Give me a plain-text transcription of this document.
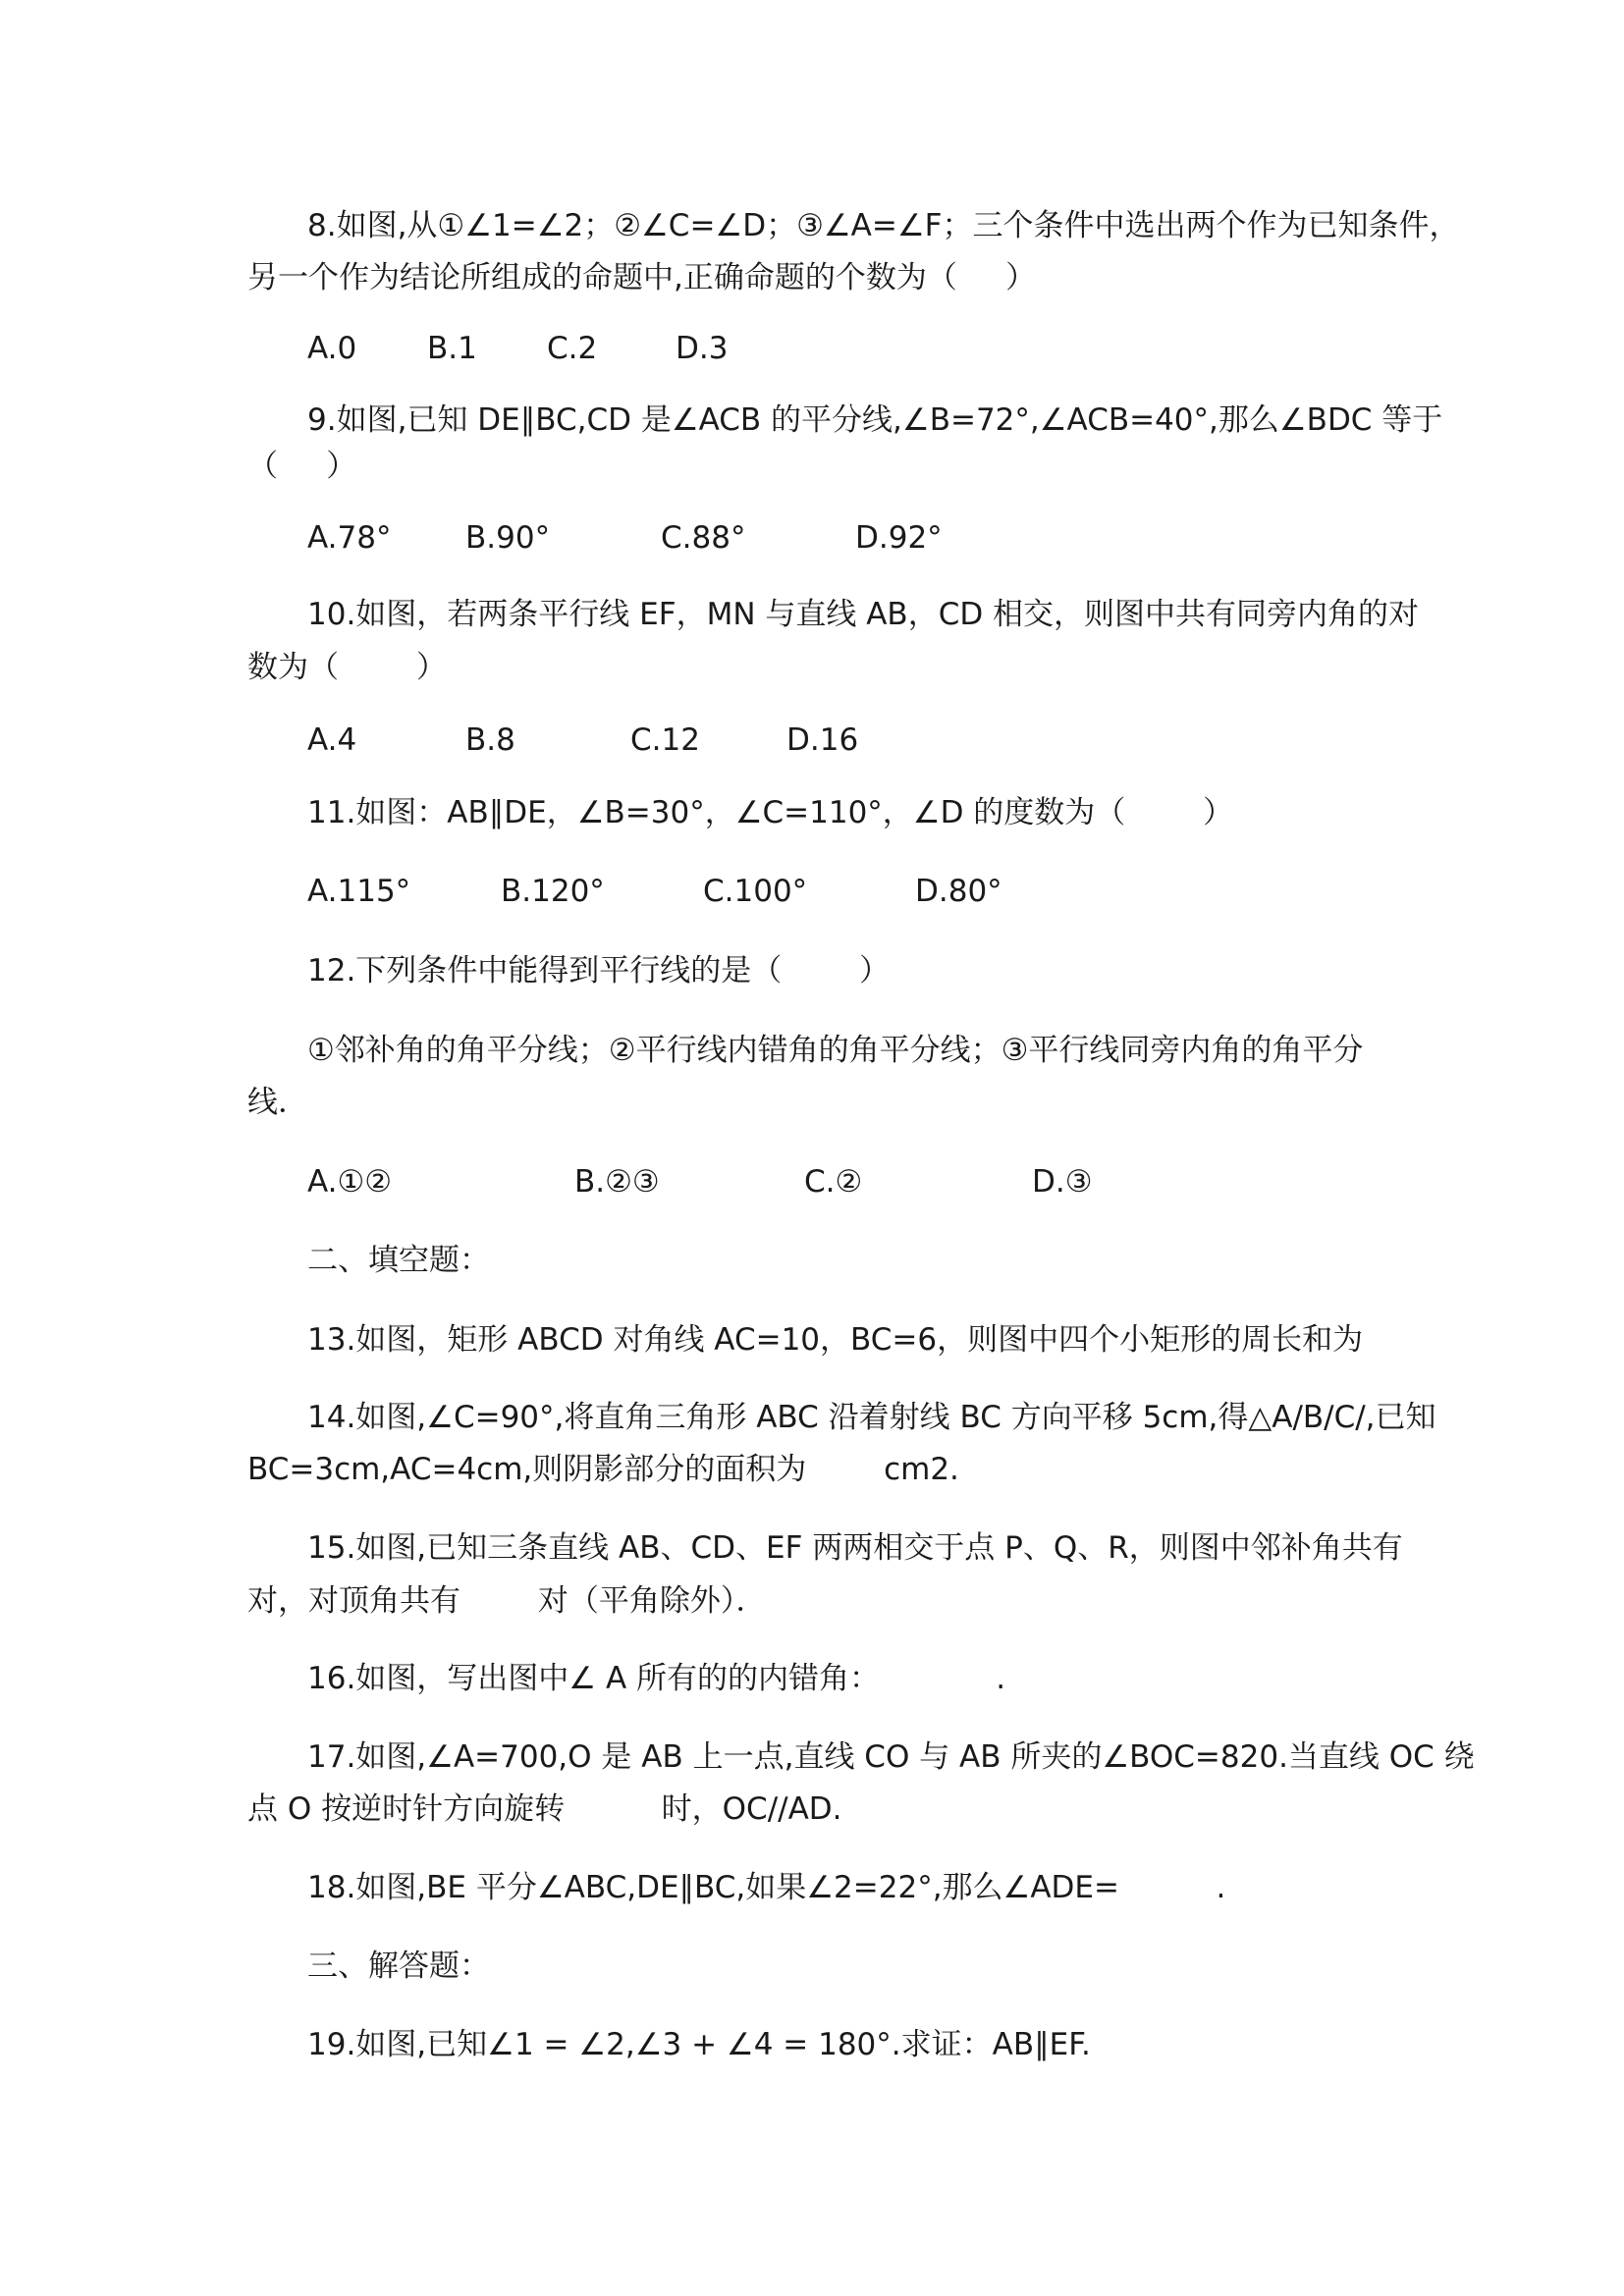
8.如图,从①∠1=∠2；②∠C=∠D；③∠A=∠F；三个条件中选出两个作为已知条件，
另一个作为结论所组成的命题中,正确命题的个数为（     ）
A.0 B.1 C.2	D.3
9.如图,已知 DE∥BC,CD 是∠ACB 的平分线,∠B=72°,∠ACB=40°,那么∠BDC 等于
（     ）
A.78° B.90°	C.88°	D.92°
10.如图，若两条平行线 EF，MN 与直线 AB，CD 相交，则图中共有同旁内角的对
数为（        ）
A.4	B.8	C.12	D.16
11.如图：AB∥DE，∠B=30°，∠C=110°，∠D 的度数为（        ）
A.115°	B.120°	C.100°	D.80°
12.下列条件中能得到平行线的是（        ）
①邻补角的角平分线；②平行线内错角的角平分线；③平行线同旁内角的角平分
线．
A.①②	B.②③	C.②	D.③
二、填空题：
13.如图，矩形 ABCD 对角线 AC=10，BC=6，则图中四个小矩形的周长和为
14.如图,∠C=90°,将直角三角形 ABC 沿着射线 BC 方向平移 5cm,得△A/B/C/,已知
BC=3cm,AC=4cm,则阴影部分的面积为        cm2.
15.如图,已知三条直线 AB、CD、EF 两两相交于点 P、Q、R，则图中邻补角共有
对，对顶角共有        对（平角除外）．
16.如图，写出图中∠ A 所有的的内错角：            .
17.如图,∠A=700,O 是 AB 上一点,直线 CO 与 AB 所夹的∠BOC=820.当直线 OC 绕
点 O 按逆时针方向旋转          时，OC//AD.
18.如图,BE 平分∠ABC,DE∥BC,如果∠2=22°,那么∠ADE=          .
三、解答题：
19.如图,已知∠1 = ∠2,∠3 + ∠4 = 180°.求证：AB∥EF.
